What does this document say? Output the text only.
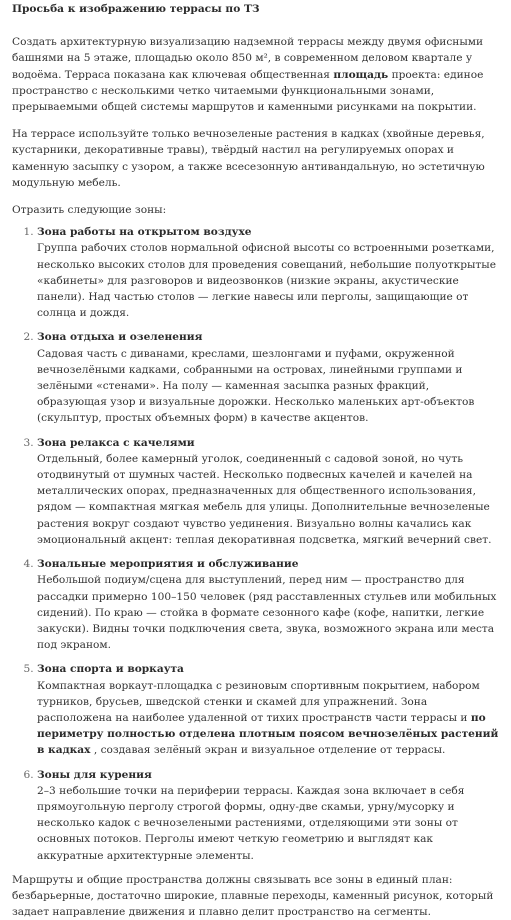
Просьба к изображению террасы по ТЗ

Создать архитектурную визуализацию надземной террасы между двумя офисными башнями на 5 этаже, площадью около 850 м², в современном деловом квартале у водоёма. Терраса показана как ключевая общественная площадь проекта: единое пространство с несколькими четко читаемыми функциональными зонами, прерываемыми общей системы маршрутов и каменными рисунками на покрытии.

На террасе используйте только вечнозеленые растения в кадках (хвойные деревья, кустарники, декоративные травы), твёрдый настил на регулируемых опорах и каменную засыпку с узором, а также всесезонную антивандальную, но эстетичную модульную мебель.

Отразить следующие зоны:

1. Зона работы на открытом воздухе
Группа рабочих столов нормальной офисной высоты со встроенными розетками, несколько высоких столов для проведения совещаний, небольшие полуоткрытые «кабинеты» для разговоров и видеозвонков (низкие экраны, акустические панели). Над частью столов — легкие навесы или перголы, защищающие от солнца и дождя.
2. Зона отдыха и озеленения
Садовая часть с диванами, креслами, шезлонгами и пуфами, окруженной вечнозелёными кадками, собранными на островах, линейными группами и зелёными «стенами». На полу — каменная засыпка разных фракций, образующая узор и визуальные дорожки. Несколько маленьких арт-объектов (скульптур, простых объемных форм) в качестве акцентов.
3. Зона релакса с качелями
Отдельный, более камерный уголок, соединенный с садовой зоной, но чуть отодвинутый от шумных частей. Несколько подвесных качелей и качелей на металлических опорах, предназначенных для общественного использования, рядом — компактная мягкая мебель для улицы. Дополнительные вечнозеленые растения вокруг создают чувство уединения. Визуально волны качались как эмоциональный акцент: теплая декоративная подсветка, мягкий вечерний свет.
4. Зональные мероприятия и обслуживание
Небольшой подиум/сцена для выступлений, перед ним — пространство для рассадки примерно 100–150 человек (ряд расставленных стульев или мобильных сидений). По краю — стойка в формате сезонного кафе (кофе, напитки, легкие закуски). Видны точки подключения света, звука, возможного экрана или места под экраном.
5. Зона спорта и воркаута
Компактная воркаут-площадка с резиновым спортивным покрытием, набором турников, брусьев, шведской стенки и скамей для упражнений. Зона расположена на наиболее удаленной от тихих пространств части террасы и по периметру полностью отделена плотным поясом вечнозелёных растений в кадках , создавая зелёный экран и визуальное отделение от террасы.
6. Зоны для курения
2–3 небольшие точки на периферии террасы. Каждая зона включает в себя прямоугольную перголу строгой формы, одну-две скамьи, урну/мусорку и несколько кадок с вечнозелеными растениями, отделяющими эти зоны от основных потоков. Перголы имеют четкую геометрию и выглядят как аккуратные архитектурные элементы.

Маршруты и общие пространства должны связывать все зоны в единый план: безбарьерные, достаточно широкие, плавные переходы, каменный рисунок, который задает направление движения и плавно делит пространство на сегменты.
